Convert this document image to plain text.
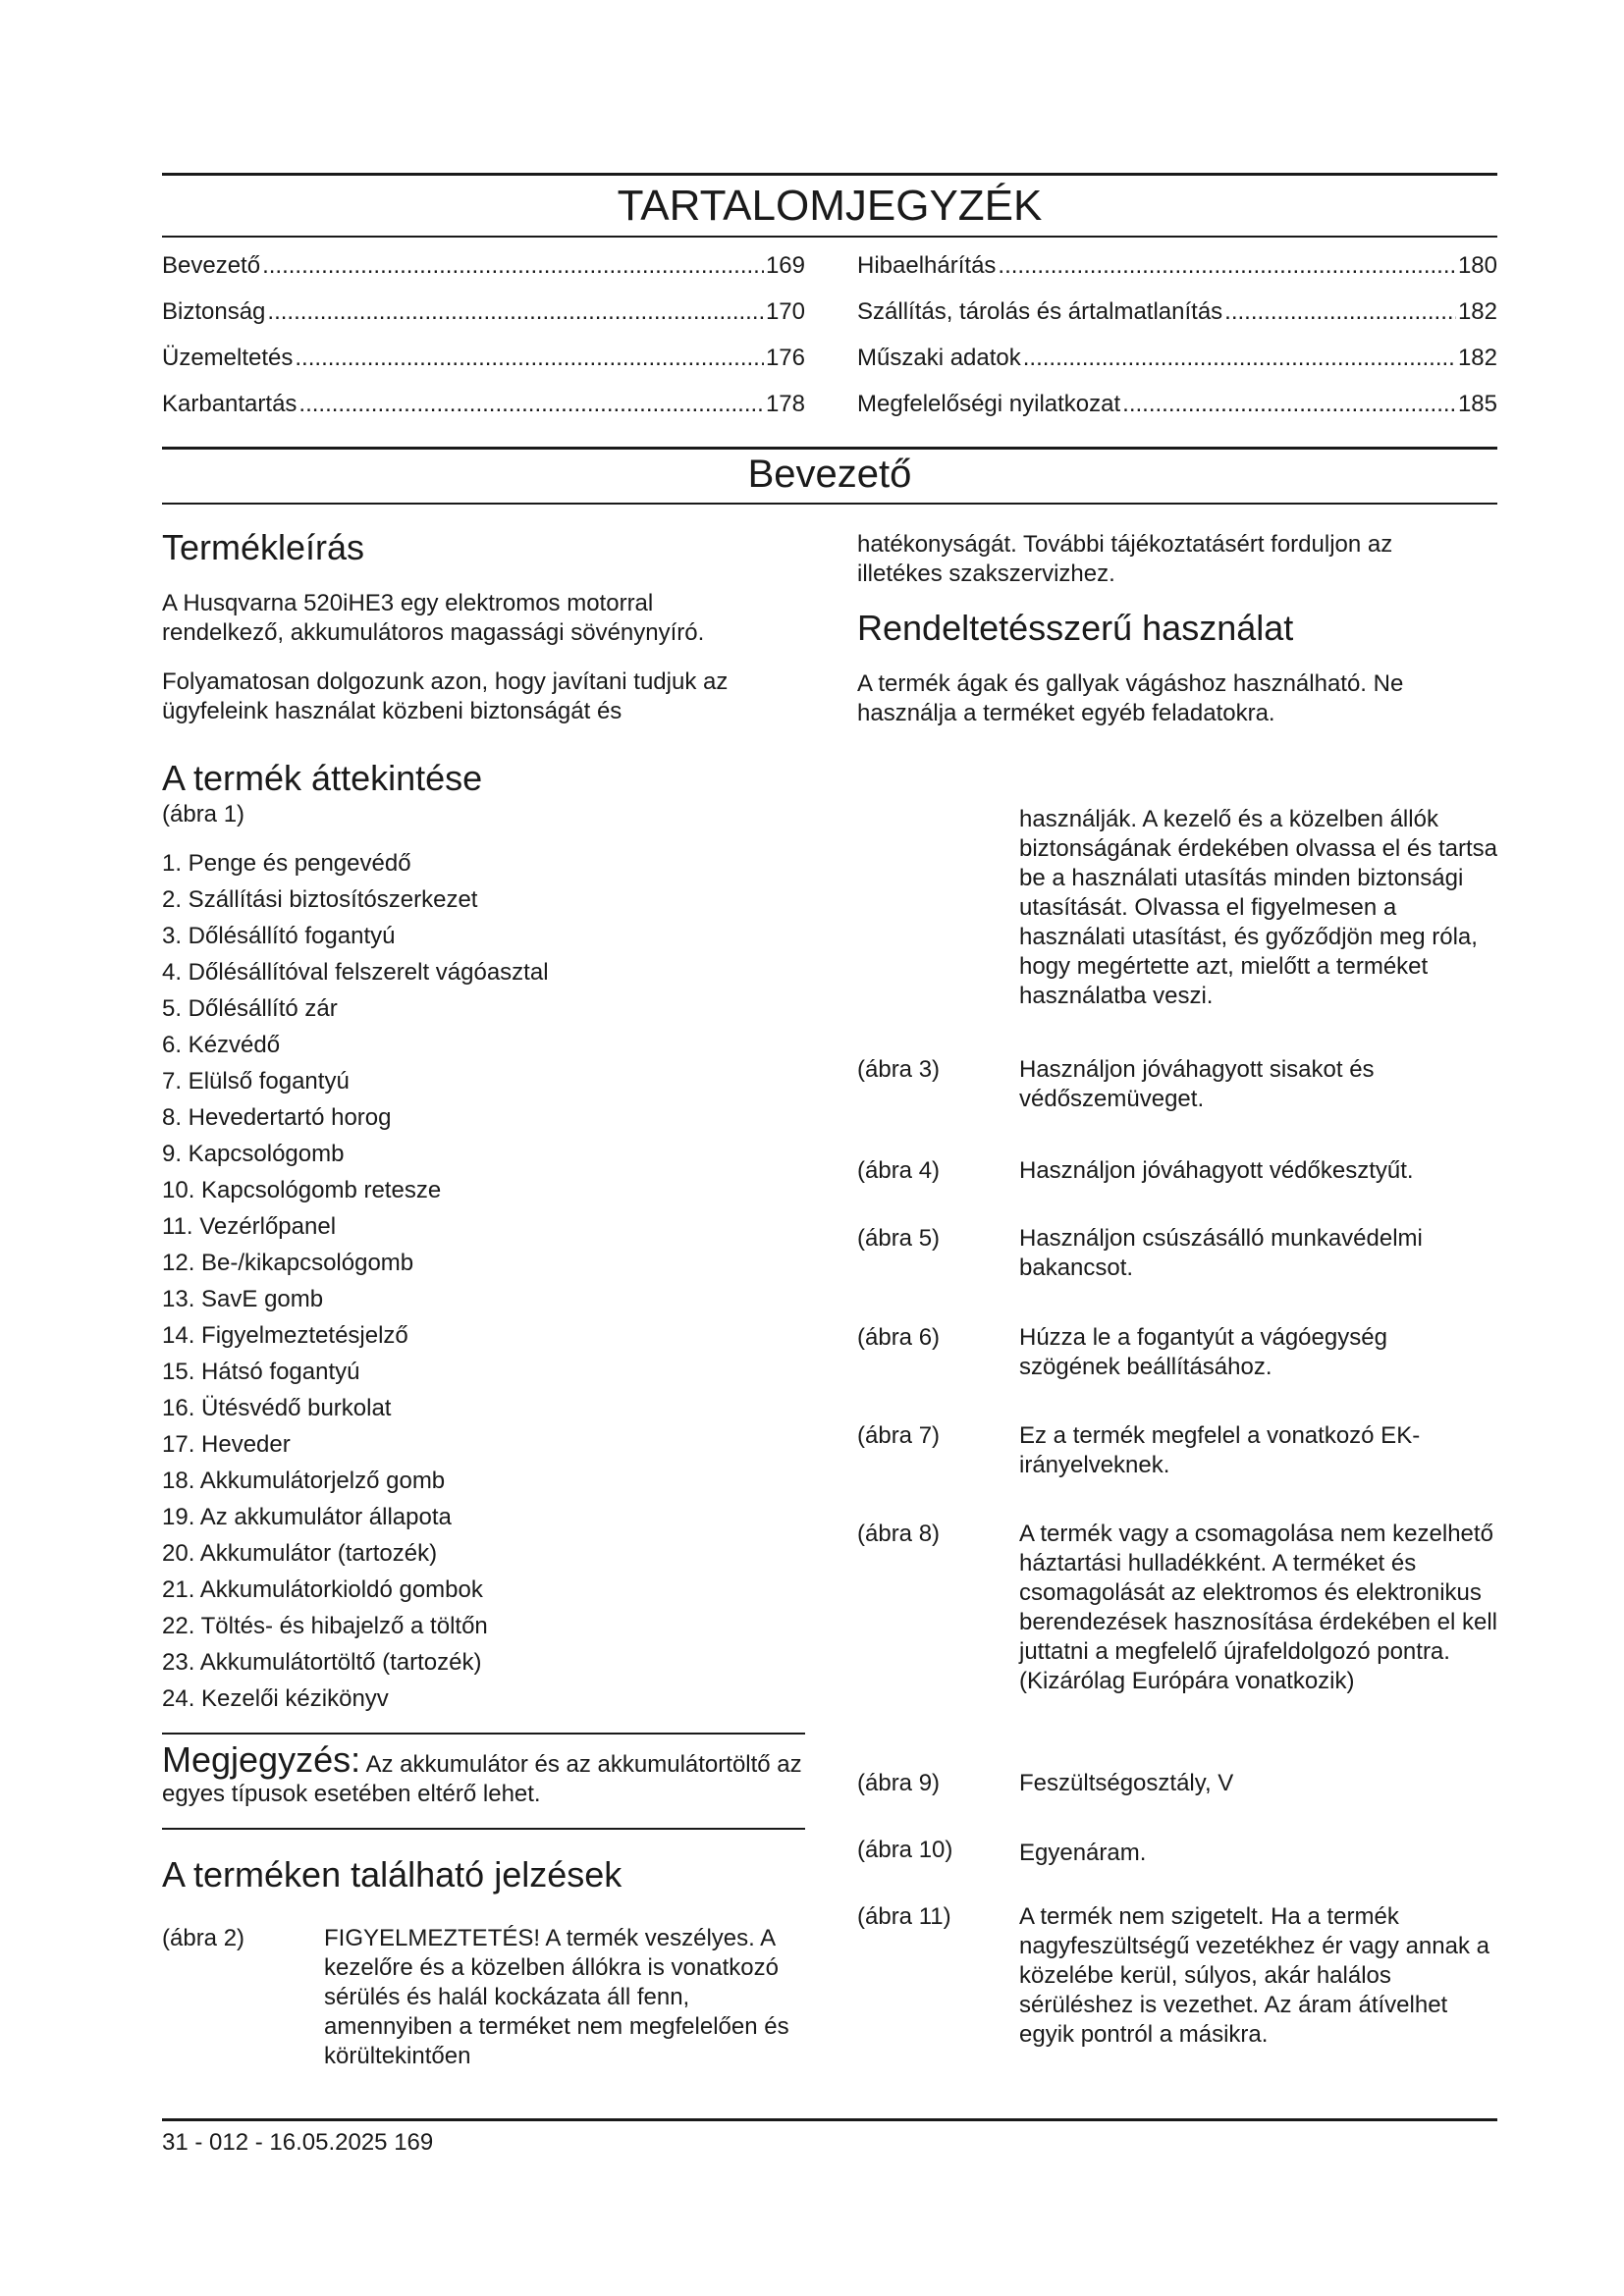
TARTALOMJEGYZÉK
Bevezető .....	169
Biztonság .....	170
Üzemeltetés .....	176
Karbantartás .....	178
Hibaelhárítás .....	180
Szállítás, tárolás és ártalmatlanítás .....	182
Műszaki adatok .....	182
Megfelelőségi nyilatkozat .....	185
Bevezető
Termékleírás
A Husqvarna 520iHE3 egy elektromos motorral rendelkező, akkumulátoros magassági sövénynyíró.
Folyamatosan dolgozunk azon, hogy javítani tudjuk az ügyfeleink használat közbeni biztonságát és
hatékonyságát. További tájékoztatásért forduljon az illetékes szakszervizhez.
Rendeltetésszerű használat
A termék ágak és gallyak vágáshoz használható. Ne használja a terméket egyéb feladatokra.
A termék áttekintése
(ábra 1)
1. Penge és pengevédő
2. Szállítási biztosítószerkezet
3. Dőlésállító fogantyú
4. Dőlésállítóval felszerelt vágóasztal
5. Dőlésállító zár
6. Kézvédő
7. Elülső fogantyú
8. Hevedertartó horog
9. Kapcsológomb
10. Kapcsológomb retesze
11. Vezérlőpanel
12. Be-/kikapcsológomb
13. SavE gomb
14. Figyelmeztetésjelző
15. Hátsó fogantyú
16. Ütésvédő burkolat
17. Heveder
18. Akkumulátorjelző gomb
19. Az akkumulátor állapota
20. Akkumulátor (tartozék)
21. Akkumulátorkioldó gombok
22. Töltés- és hibajelző a töltőn
23. Akkumulátortöltő (tartozék)
24. Kezelői kézikönyv
Megjegyzés: Az akkumulátor és az akkumulátortöltő az egyes típusok esetében eltérő lehet.
A terméken található jelzések
(ábra 2)	FIGYELMEZTETÉS! A termék veszélyes. A kezelőre és a közelben állókra is vonatkozó sérülés és halál kockázata áll fenn, amennyiben a terméket nem megfelelően és körültekintően
használják. A kezelő és a közelben állók biztonságának érdekében olvassa el és tartsa be a használati utasítás minden biztonsági utasítását. Olvassa el figyelmesen a használati utasítást, és győződjön meg róla, hogy megértette azt, mielőtt a terméket használatba veszi.
(ábra 3)	Használjon jóváhagyott sisakot és védőszemüveget.
(ábra 4)	Használjon jóváhagyott védőkesztyűt.
(ábra 5)	Használjon csúszásálló munkavédelmi bakancsot.
(ábra 6)	Húzza le a fogantyút a vágóegység szögének beállításához.
(ábra 7)	Ez a termék megfelel a vonatkozó EK-irányelveknek.
(ábra 8)	A termék vagy a csomagolása nem kezelhető háztartási hulladékként. A terméket és csomagolását az elektromos és elektronikus berendezések hasznosítása érdekében el kell juttatni a megfelelő újrafeldolgozó pontra. (Kizárólag Európára vonatkozik)
(ábra 9)	Feszültségosztály, V
(ábra 10)	Egyenáram.
(ábra 11)	A termék nem szigetelt. Ha a termék nagyfeszültségű vezetékhez ér vagy annak a közelébe kerül, súlyos, akár halálos sérüléshez is vezethet. Az áram átívelhet egyik pontról a másikra.
31 - 012 - 16.05.2025 169
